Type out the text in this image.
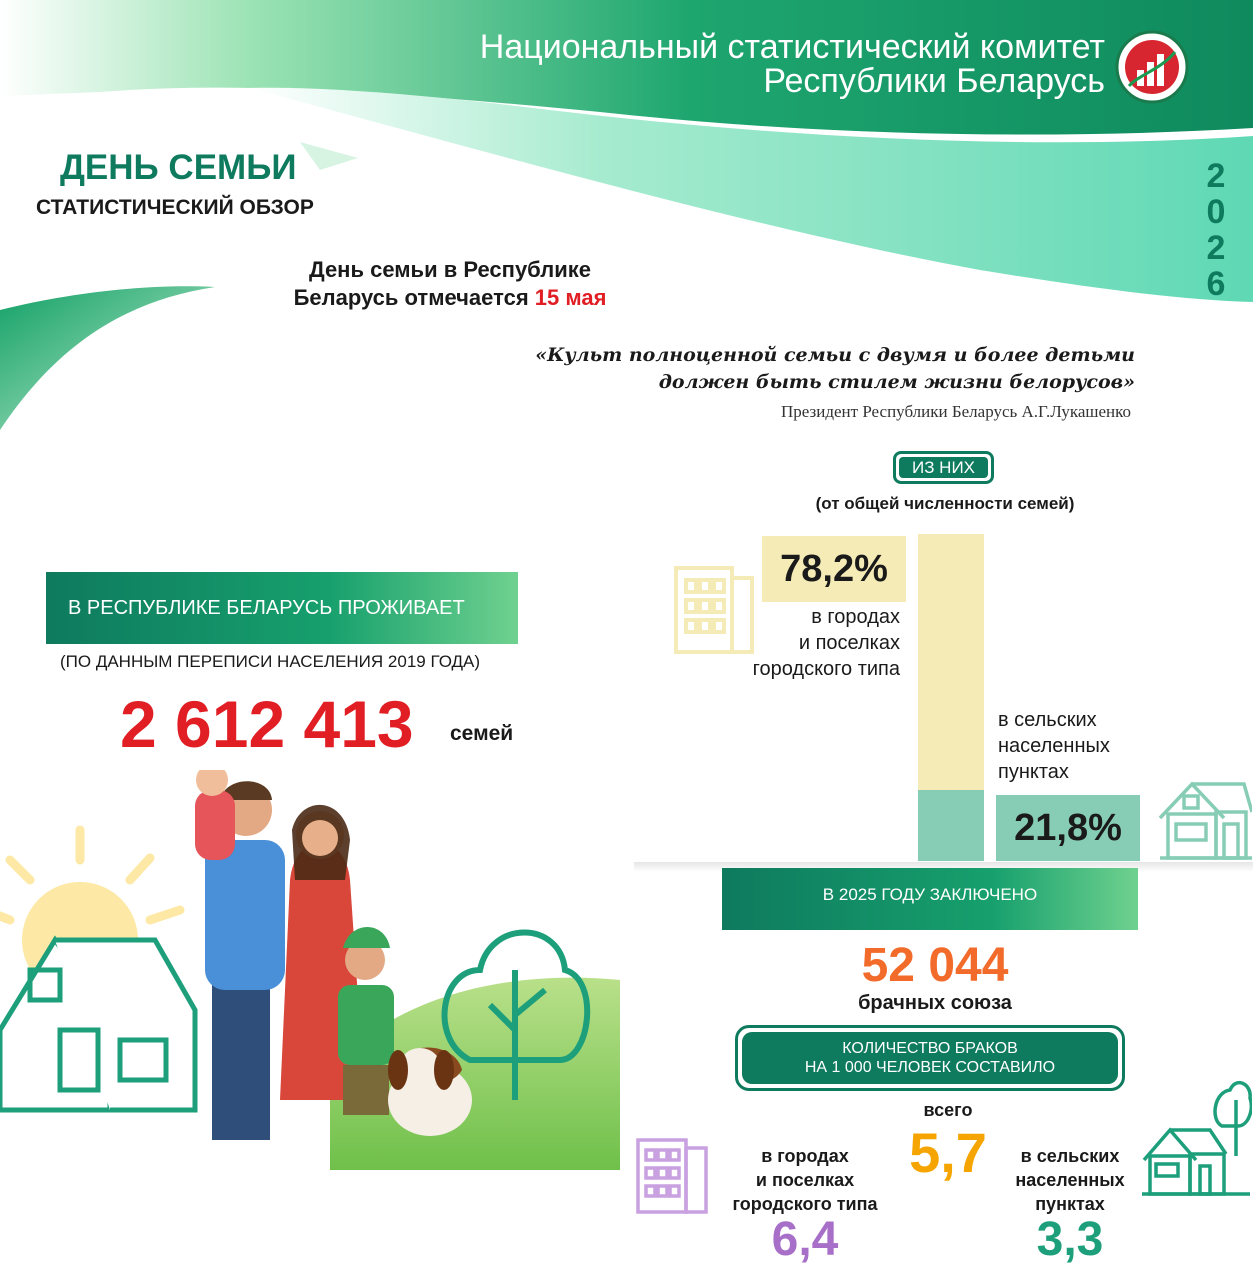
Национальный статистический комитет
Республики Беларусь
2
0
2
6
ДЕНЬ СЕМЬИ
СТАТИСТИЧЕСКИЙ ОБЗОР
День семьи в Республике
Беларусь отмечается 15 мая
«Культ полноценной семьи с двумя и более детьми
должен быть стилем жизни белорусов»
Президент Республики Беларусь А.Г.Лукашенко
ИЗ НИХ
(от общей численности семей)
78,2%
в городах
и поселках
городского типа
в сельских
населенных
пунктах
21,8%
В РЕСПУБЛИКЕ БЕЛАРУСЬ ПРОЖИВАЕТ
(ПО ДАННЫМ ПЕРЕПИСИ НАСЕЛЕНИЯ 2019 ГОДА)
2 612 413 семей
В 2025 ГОДУ ЗАКЛЮЧЕНО
52 044
брачных союза
КОЛИЧЕСТВО БРАКОВ
НА 1 000 ЧЕЛОВЕК СОСТАВИЛО
всего
5,7
в городах
и поселках
городского типа
6,4
в сельских
населенных
пунктах
3,3
